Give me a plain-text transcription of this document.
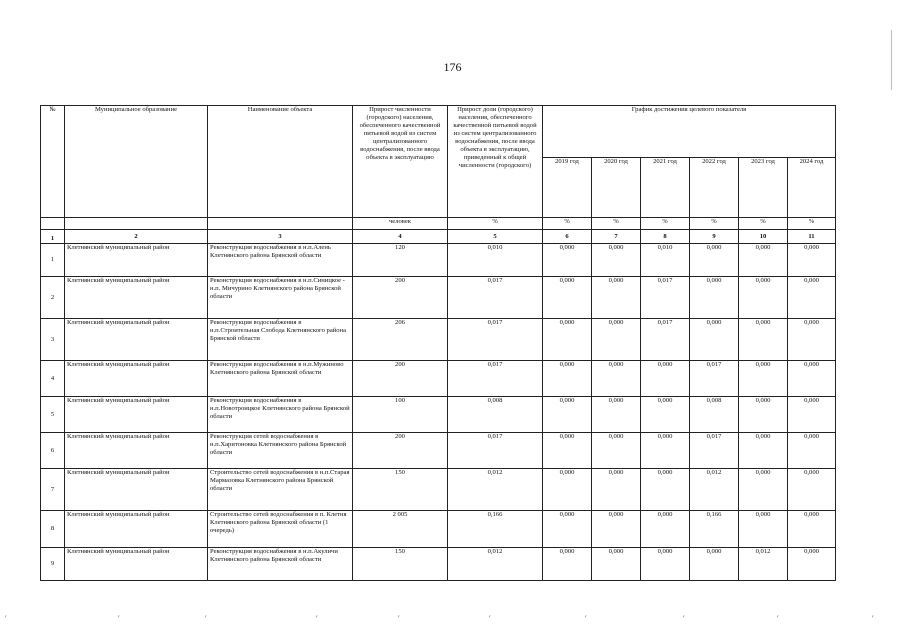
176
№	Муниципальное образование	Наименование объекта	Прирост численности (городского) населения, обеспеченного качественной питьевой водой из систем централизованного водоснабжения, после ввода объекта в эксплуатацию	Прирост доли (городского) населения, обеспеченного качественной питьевой водой из систем централизованного водоснабжения, после ввода объекта в эксплуатацию, приведенный к общей численности (городского)	График достижения целевого показателя					
					2019 год	2020 год	2021 год	2022 год	2023 год	2024 год
			человек	%	%	%	%	%	%	%
1	2	3	4	5	6	7	8	9	10	11
1	Клетнянский муниципальный район	Реконструкция водоснабжения в н.п.Алень Клетнянского района Брянской области	120	0,010	0,000	0,000	0,010	0,000	0,000	0,000
2	Клетнянский муниципальный район	Реконструкция водоснабжения в н.п.Синицкое - н.п. Мичурино Клетнянского района Брянской области	200	0,017	0,000	0,000	0,017	0,000	0,000	0,000
3	Клетнянский муниципальный район	Реконструкция водоснабжения в н.п.Строительная Слобода Клетнянского района Брянской области	206	0,017	0,000	0,000	0,017	0,000	0,000	0,000
4	Клетнянский муниципальный район	Реконструкция водоснабжения в н.п.Мужиново Клетнянского района Брянской области	200	0,017	0,000	0,000	0,000	0,017	0,000	0,000
5	Клетнянский муниципальный район	Реконструкция водоснабжения в н.п.Новотроицкое Клетнянского района Брянской области	100	0,008	0,000	0,000	0,000	0,008	0,000	0,000
6	Клетнянский муниципальный район	Реконструкция сетей водоснабжения в н.п.Харитоновка Клетнянского района Брянской области	200	0,017	0,000	0,000	0,000	0,017	0,000	0,000
7	Клетнянский муниципальный район	Строительство сетей водоснабжения в н.п.Старая Мармазовка Клетнянского района Брянской области	150	0,012	0,000	0,000	0,000	0,012	0,000	0,000
8	Клетнянский муниципальный район	Строительство сетей водоснабжения в п. Клетня Клетнянского района Брянской области (1 очередь)	2 005	0,166	0,000	0,000	0,000	0,166	0,000	0,000
9	Клетнянский муниципальный район	Реконструкция водоснабжения в н.п.Акуличи Клетнянского района Брянской области	150	0,012	0,000	0,000	0,000	0,000	0,012	0,000
ʹ	ʹ	ʹ	ʹ	ʹ	ʹ	ʹ	ʹ	ʹ	ʹ
